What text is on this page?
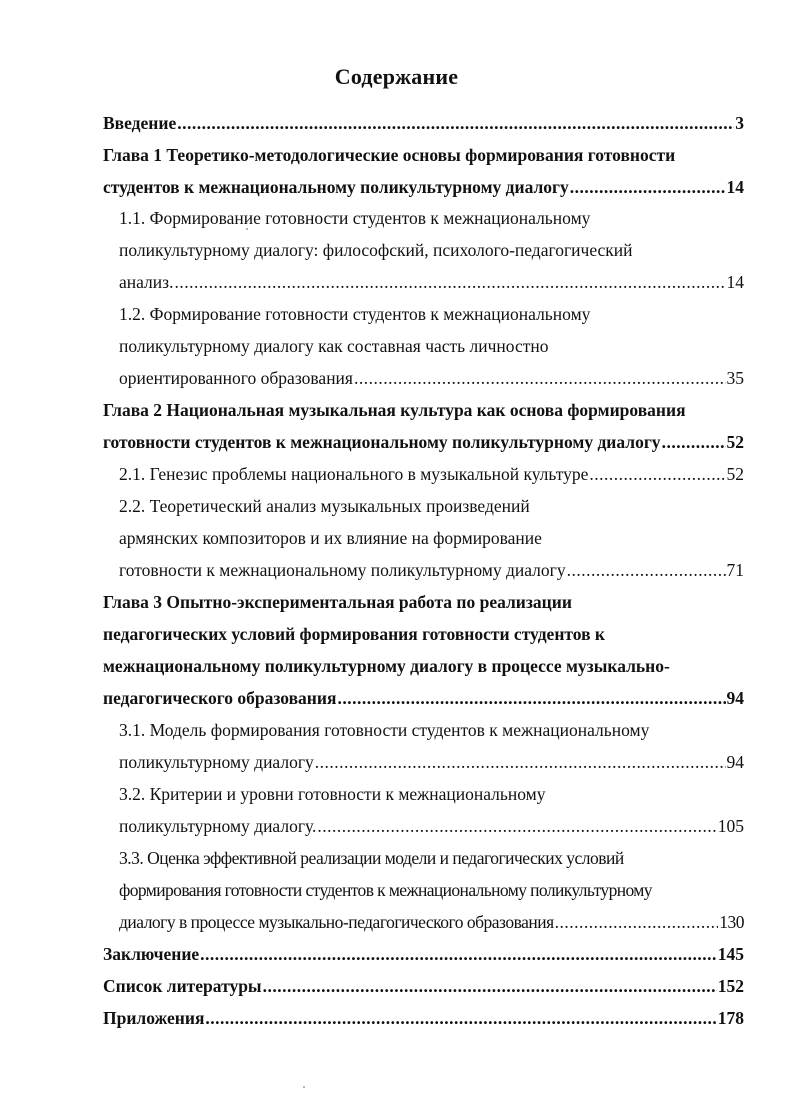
Содержание
Введение .....	3
Глава 1 Теоретико-методологические основы формирования готовности
студентов к межнациональному поликультурному диалогу .....	14
1.1. Формирование готовности студентов к межнациональному
поликультурному диалогу: философский, психолого-педагогический
анализ. .....	14
1.2. Формирование готовности студентов к межнациональному
поликультурному диалогу как составная часть личностно
ориентированного образования .....	35
Глава 2 Национальная музыкальная культура как основа формирования
готовности студентов к межнациональному поликультурному диалогу .....	52
2.1. Генезис проблемы национального в музыкальной культуре .....	52
2.2. Теоретический анализ музыкальных произведений
армянских композиторов и их влияние на формирование
готовности к межнациональному поликультурному диалогу .....	71
Глава 3 Опытно-экспериментальная работа по реализации
педагогических условий формирования готовности студентов к
межнациональному поликультурному диалогу в процессе музыкально-
педагогического образования .....	94
3.1. Модель формирования готовности студентов к межнациональному
поликультурному диалогу .....	94
3.2. Критерии и уровни готовности к межнациональному
поликультурному диалогу. .....	105
3.3. Оценка эффективной реализации модели и педагогических условий
формирования готовности студентов к межнациональному поликультурному
диалогу в процессе музыкально-педагогического образования .....	130
Заключение .....	145
Список литературы .....	152
Приложения .....	178
